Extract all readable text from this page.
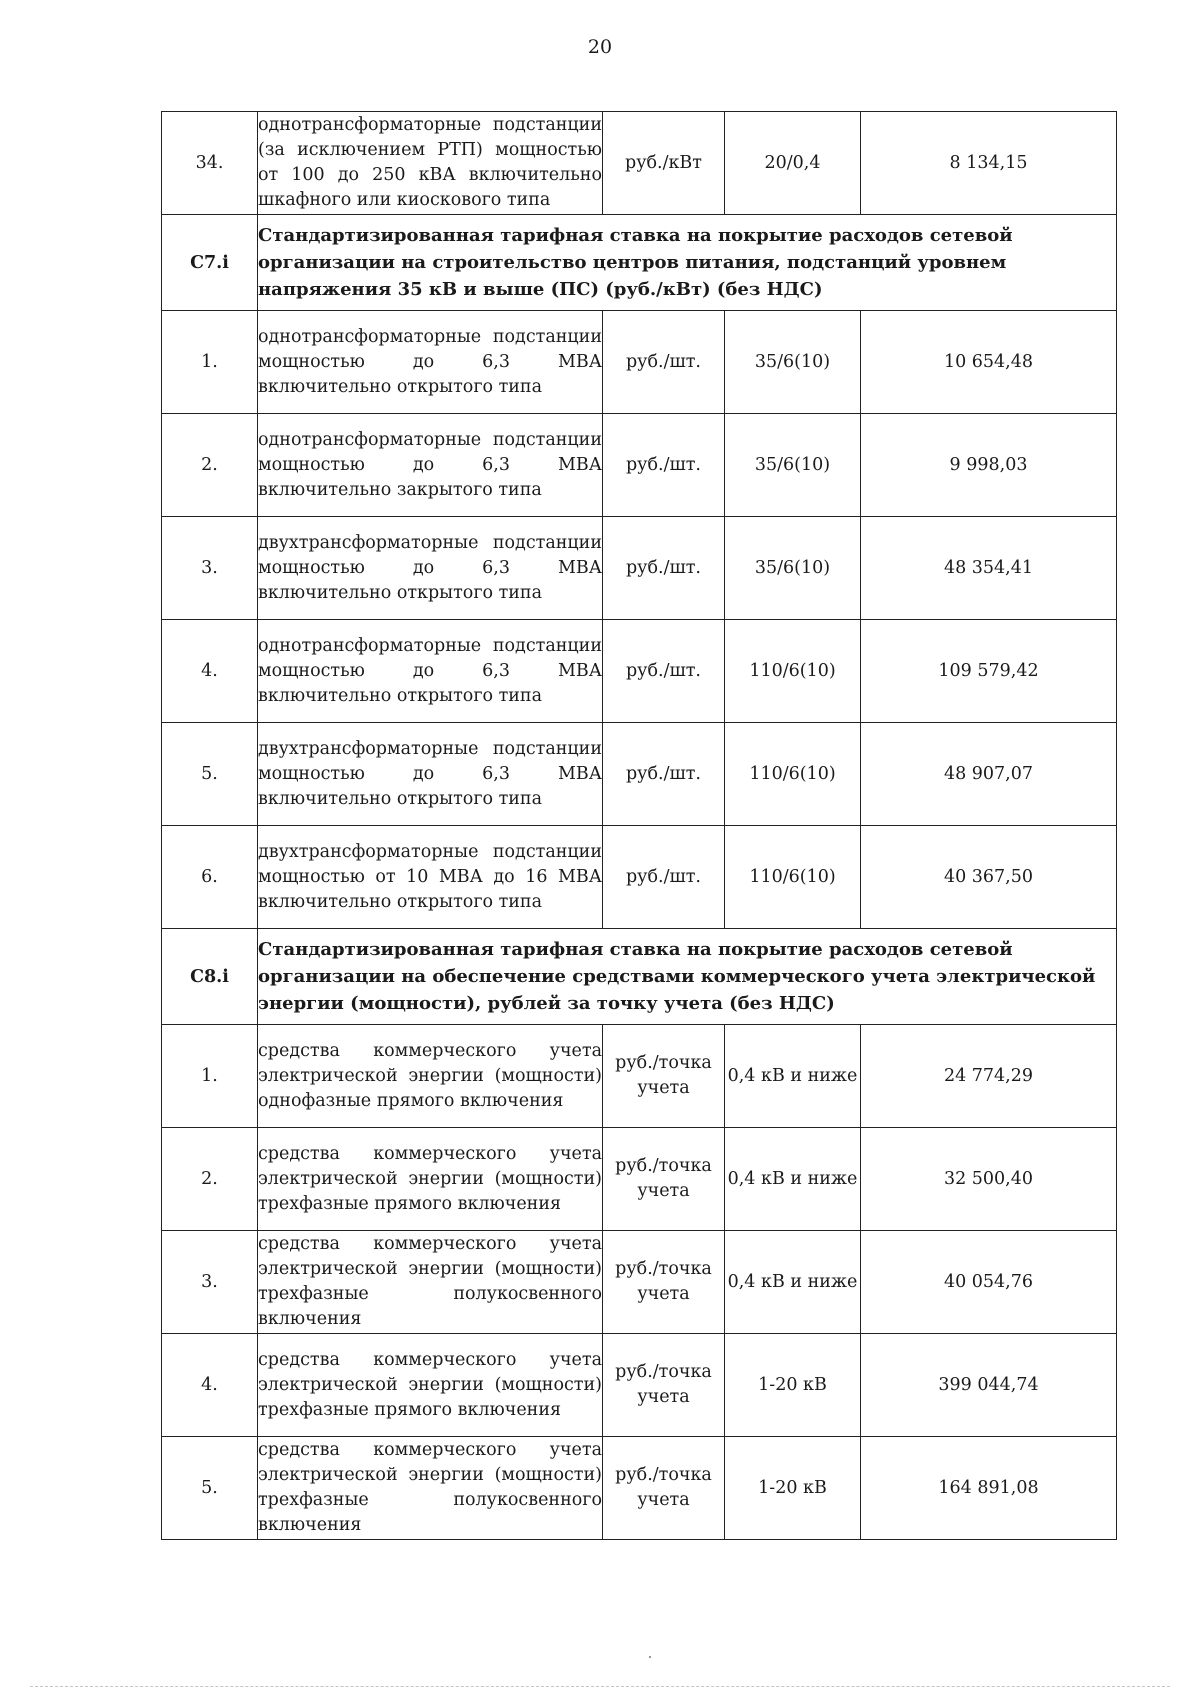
20
34.	однотрансформаторные подстанции (за исключением РТП) мощностью от 100 до 250 кВА включительно шкафного или киоскового типа	руб./кВт	20/0,4	8 134,15
С7.i	Стандартизированная тарифная ставка на покрытие расходов сетевой организации на строительство центров питания, подстанций уровнем напряжения 35 кВ и выше (ПС) (руб./кВт) (без НДС)			
1.	однотрансформаторные подстанции мощностью до 6,3 МВА включительно открытого типа	руб./шт.	35/6(10)	10 654,48
2.	однотрансформаторные подстанции мощностью до 6,3 МВА включительно закрытого типа	руб./шт.	35/6(10)	9 998,03
3.	двухтрансформаторные подстанции мощностью до 6,3 МВА включительно открытого типа	руб./шт.	35/6(10)	48 354,41
4.	однотрансформаторные подстанции мощностью до 6,3 МВА включительно открытого типа	руб./шт.	110/6(10)	109 579,42
5.	двухтрансформаторные подстанции мощностью до 6,3 МВА включительно открытого типа	руб./шт.	110/6(10)	48 907,07
6.	двухтрансформаторные подстанции мощностью от 10 МВА до 16 МВА включительно открытого типа	руб./шт.	110/6(10)	40 367,50
С8.i	Стандартизированная тарифная ставка на покрытие расходов сетевой организации на обеспечение средствами коммерческого учета электрической энергии (мощности), рублей за точку учета (без НДС)			
1.	средства коммерческого учета электрической энергии (мощности) однофазные прямого включения	руб./точка учета	0,4 кВ и ниже	24 774,29
2.	средства коммерческого учета электрической энергии (мощности) трехфазные прямого включения	руб./точка учета	0,4 кВ и ниже	32 500,40
3.	средства коммерческого учета электрической энергии (мощности) трехфазные полукосвенного включения	руб./точка учета	0,4 кВ и ниже	40 054,76
4.	средства коммерческого учета электрической энергии (мощности) трехфазные прямого включения	руб./точка учета	1-20 кВ	399 044,74
5.	средства коммерческого учета электрической энергии (мощности) трехфазные полукосвенного включения	руб./точка учета	1-20 кВ	164 891,08
